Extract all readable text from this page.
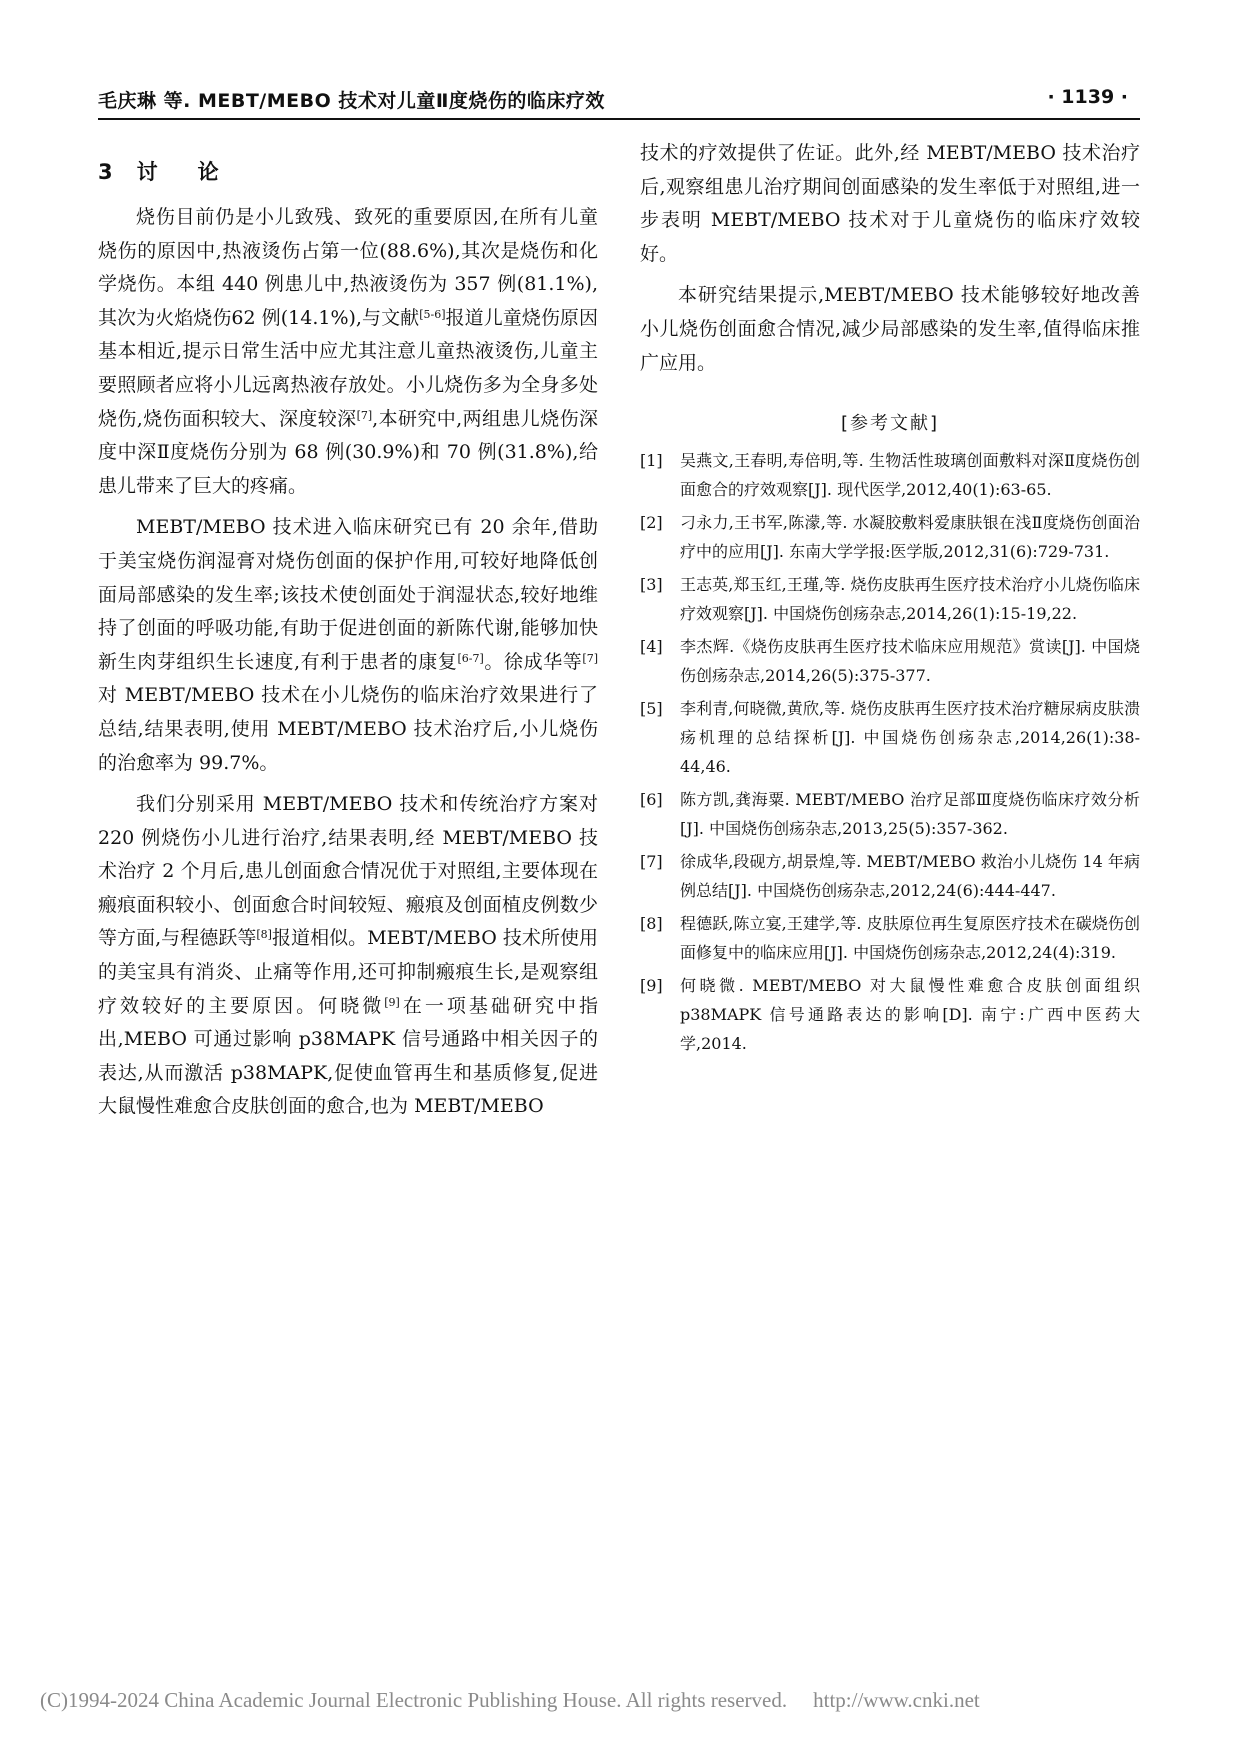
毛庆琳 等. MEBT/MEBO 技术对儿童Ⅱ度烧伤的临床疗效	· 1139 ·
3 讨 论

烧伤目前仍是小儿致残、致死的重要原因,在所有儿童烧伤的原因中,热液烫伤占第一位(88.6%),其次是烧伤和化学烧伤。本组 440 例患儿中,热液烫伤为 357 例(81.1%),其次为火焰烧伤62 例(14.1%),与文献[5-6]报道儿童烧伤原因基本相近,提示日常生活中应尤其注意儿童热液烫伤,儿童主要照顾者应将小儿远离热液存放处。小儿烧伤多为全身多处烧伤,烧伤面积较大、深度较深[7],本研究中,两组患儿烧伤深度中深Ⅱ度烧伤分别为 68 例(30.9%)和 70 例(31.8%),给患儿带来了巨大的疼痛。

MEBT/MEBO 技术进入临床研究已有 20 余年,借助于美宝烧伤润湿膏对烧伤创面的保护作用,可较好地降低创面局部感染的发生率;该技术使创面处于润湿状态,较好地维持了创面的呼吸功能,有助于促进创面的新陈代谢,能够加快新生肉芽组织生长速度,有利于患者的康复[6-7]。徐成华等[7]对 MEBT/MEBO 技术在小儿烧伤的临床治疗效果进行了总结,结果表明,使用 MEBT/MEBO 技术治疗后,小儿烧伤的治愈率为 99.7%。

我们分别采用 MEBT/MEBO 技术和传统治疗方案对 220 例烧伤小儿进行治疗,结果表明,经 MEBT/MEBO 技术治疗 2 个月后,患儿创面愈合情况优于对照组,主要体现在瘢痕面积较小、创面愈合时间较短、瘢痕及创面植皮例数少等方面,与程德跃等[8]报道相似。MEBT/MEBO 技术所使用的美宝具有消炎、止痛等作用,还可抑制瘢痕生长,是观察组疗效较好的主要原因。何晓微[9]在一项基础研究中指出,MEBO 可通过影响 p38MAPK 信号通路中相关因子的表达,从而激活 p38MAPK,促使血管再生和基质修复,促进大鼠慢性难愈合皮肤创面的愈合,也为 MEBT/MEBO

技术的疗效提供了佐证。此外,经 MEBT/MEBO 技术治疗后,观察组患儿治疗期间创面感染的发生率低于对照组,进一步表明 MEBT/MEBO 技术对于儿童烧伤的临床疗效较好。

本研究结果提示,MEBT/MEBO 技术能够较好地改善小儿烧伤创面愈合情况,减少局部感染的发生率,值得临床推广应用。

[参考文献]
[1]	吴燕文,王春明,寿倍明,等. 生物活性玻璃创面敷料对深Ⅱ度烧伤创面愈合的疗效观察[J]. 现代医学,2012,40(1):63-65.
[2]	刁永力,王书军,陈濛,等. 水凝胶敷料爱康肤银在浅Ⅱ度烧伤创面治疗中的应用[J]. 东南大学学报:医学版,2012,31(6):729-731.
[3]	王志英,郑玉红,王瑾,等. 烧伤皮肤再生医疗技术治疗小儿烧伤临床疗效观察[J]. 中国烧伤创疡杂志,2014,26(1):15-19,22.
[4]	李杰辉.《烧伤皮肤再生医疗技术临床应用规范》赏读[J]. 中国烧伤创疡杂志,2014,26(5):375-377.
[5]	李利青,何晓微,黄欣,等. 烧伤皮肤再生医疗技术治疗糖尿病皮肤溃疡机理的总结探析[J]. 中国烧伤创疡杂志,2014,26(1):38-44,46.
[6]	陈方凯,龚海粟. MEBT/MEBO 治疗足部Ⅲ度烧伤临床疗效分析[J]. 中国烧伤创疡杂志,2013,25(5):357-362.
[7]	徐成华,段砚方,胡景煌,等. MEBT/MEBO 救治小儿烧伤 14 年病例总结[J]. 中国烧伤创疡杂志,2012,24(6):444-447.
[8]	程德跃,陈立宴,王建学,等. 皮肤原位再生复原医疗技术在碳烧伤创面修复中的临床应用[J]. 中国烧伤创疡杂志,2012,24(4):319.
[9]	何晓微. MEBT/MEBO 对大鼠慢性难愈合皮肤创面组织 p38MAPK 信号通路表达的影响[D]. 南宁:广西中医药大学,2014.
(C)1994-2024 China Academic Journal Electronic Publishing House. All rights reserved. http://www.cnki.net
